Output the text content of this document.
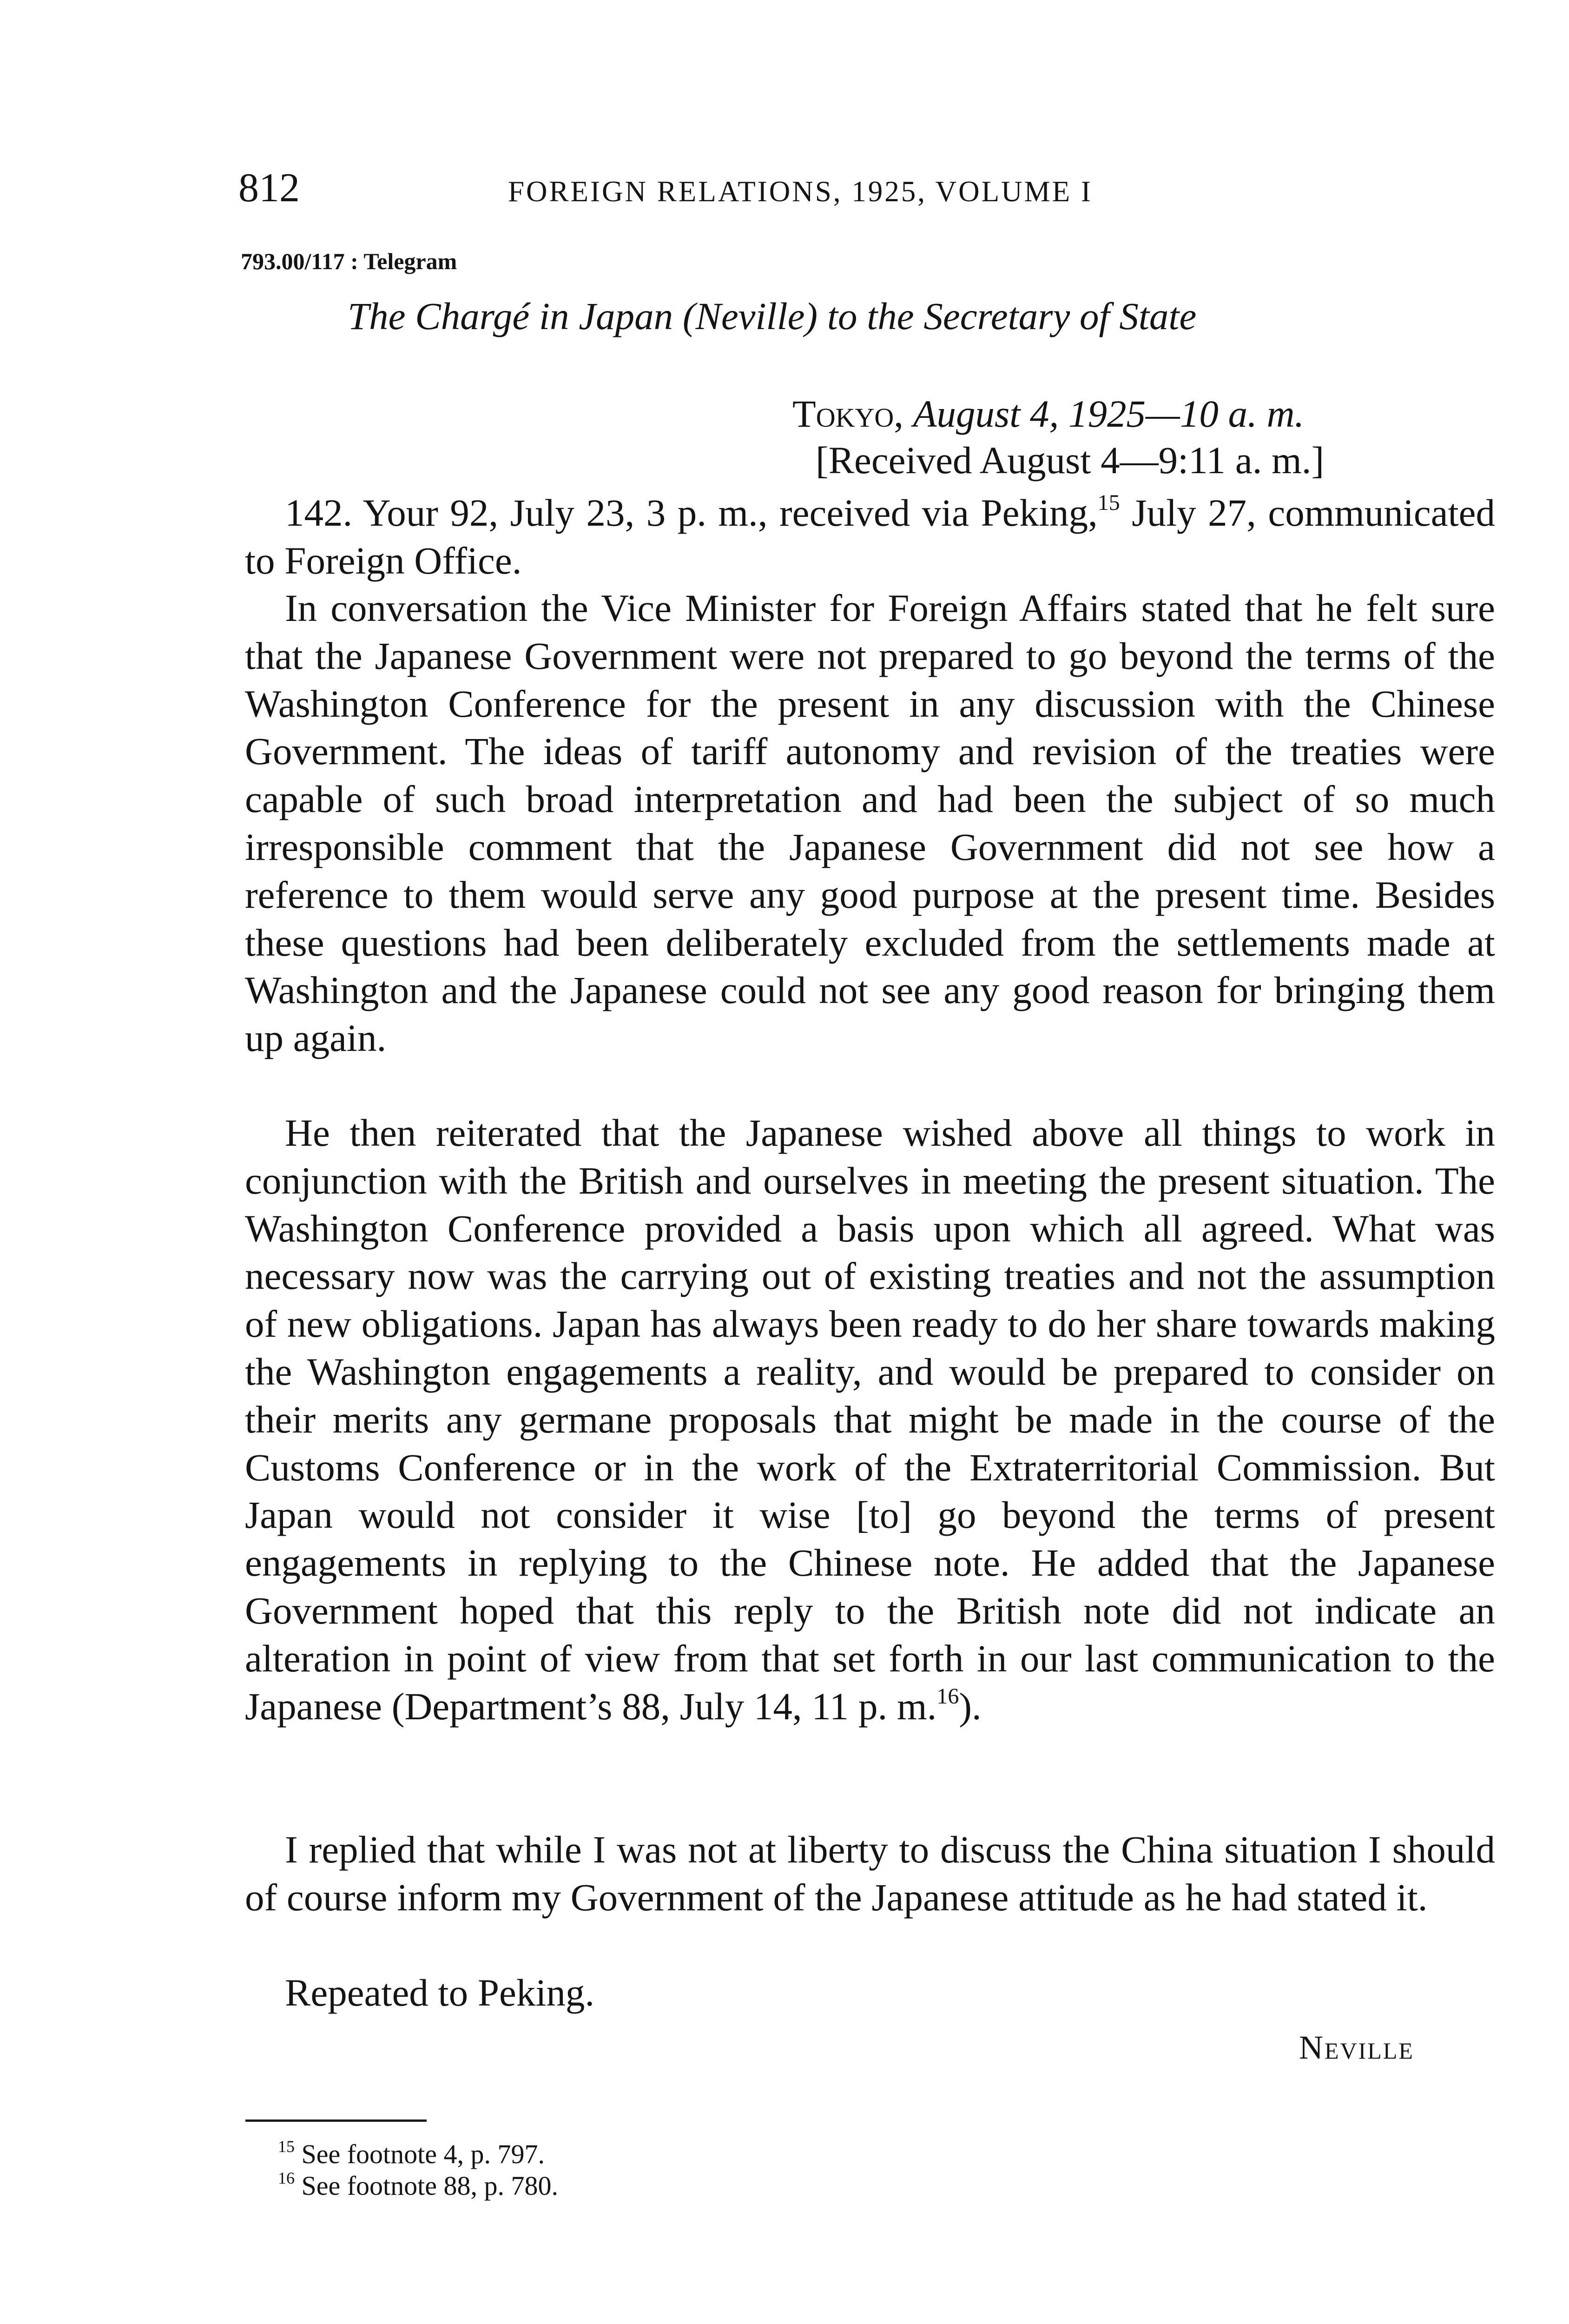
812	FOREIGN RELATIONS, 1925, VOLUME I
793.00/117 : Telegram
The Chargé in Japan (Neville) to the Secretary of State
Tokyo, August 4, 1925—10 a. m.
[Received August 4—9:11 a. m.]
142. Your 92, July 23, 3 p. m., received via Peking,$^{15}$ July 27, communicated to Foreign Office.
In conversation the Vice Minister for Foreign Affairs stated that he felt sure that the Japanese Government were not prepared to go beyond the terms of the Washington Conference for the present in any discussion with the Chinese Government. The ideas of tariff autonomy and revision of the treaties were capable of such broad interpretation and had been the subject of so much irresponsible comment that the Japanese Government did not see how a reference to them would serve any good purpose at the present time. Besides these questions had been deliberately excluded from the settlements made at Washington and the Japanese could not see any good reason for bringing them up again.
He then reiterated that the Japanese wished above all things to work in conjunction with the British and ourselves in meeting the present situation. The Washington Conference provided a basis upon which all agreed. What was necessary now was the carrying out of existing treaties and not the assumption of new obligations. Japan has always been ready to do her share towards making the Washington engagements a reality, and would be prepared to consider on their merits any germane proposals that might be made in the course of the Customs Conference or in the work of the Extraterritorial Commission. But Japan would not consider it wise [to] go beyond the terms of present engagements in replying to the Chinese note. He added that the Japanese Government hoped that this reply to the British note did not indicate an alteration in point of view from that set forth in our last communication to the Japanese (Department’s 88, July 14, 11 p. m.$^{16}$).
I replied that while I was not at liberty to discuss the China situation I should of course inform my Government of the Japanese attitude as he had stated it.
Repeated to Peking.
Neville
$^{15}$ See footnote 4, p. 797.
$^{16}$ See footnote 88, p. 780.
